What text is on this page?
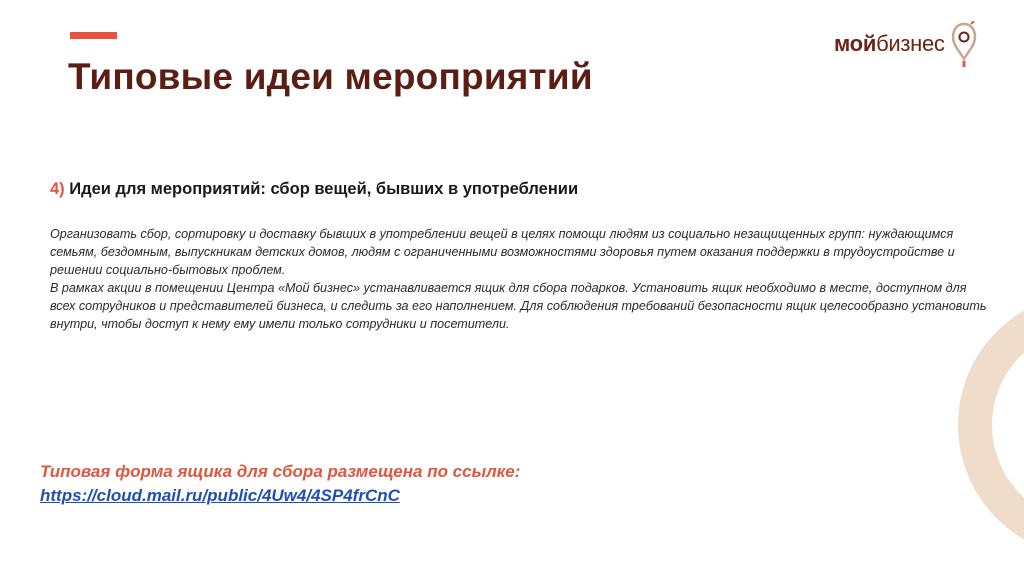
Типовые идеи мероприятий
мойбизнес
4) Идеи для мероприятий: сбор вещей, бывших в употреблении

Организовать сбор, сортировку и доставку бывших в употреблении вещей в целях помощи людям из социально незащищенных групп: нуждающимся семьям, бездомным, выпускникам детских домов, людям с ограниченными возможностями здоровья путем оказания поддержки в трудоустройстве и решении социально-бытовых проблем.

В рамках акции в помещении Центра «Мой бизнес» устанавливается ящик для сбора подарков. Установить ящик необходимо в месте, доступном для всех сотрудников и представителей бизнеса, и следить за его наполнением. Для соблюдения требований безопасности ящик целесообразно установить внутри, чтобы доступ к нему ему имели только сотрудники и посетители.

Типовая форма ящика для сбора размещена по ссылке:

https://cloud.mail.ru/public/4Uw4/4SP4frCnC
